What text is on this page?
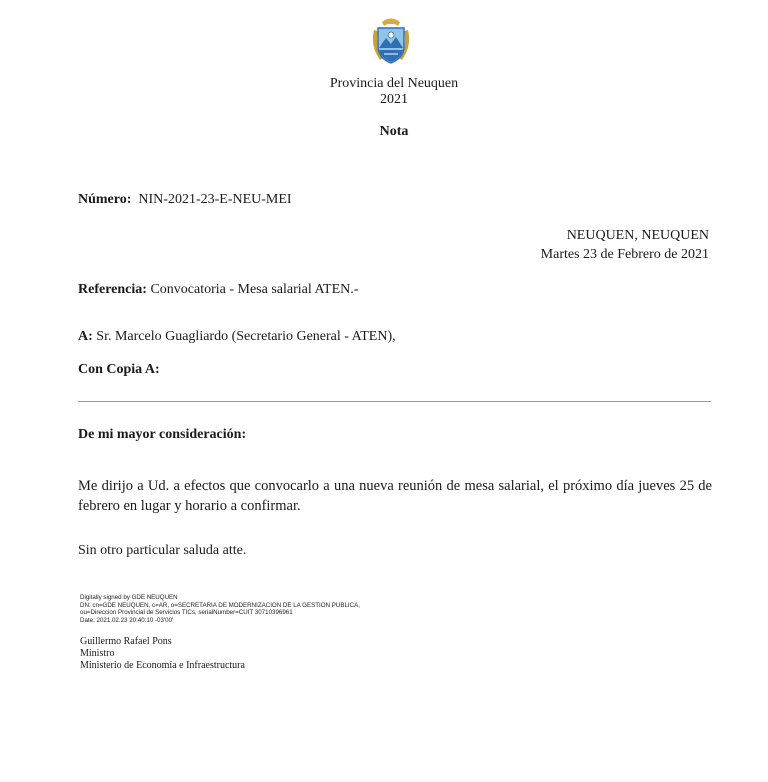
Provincia del Neuquen
2021
Nota
Número: NIN-2021-23-E-NEU-MEI
NEUQUEN, NEUQUEN
Martes 23 de Febrero de 2021
Referencia: Convocatoria - Mesa salarial ATEN.-
A: Sr. Marcelo Guagliardo (Secretario General - ATEN),
Con Copia A:
De mi mayor consideración:
Me dirijo a Ud. a efectos que convocarlo a una nueva reunión de mesa salarial, el próximo día jueves 25 de febrero en lugar y horario a confirmar.
Sin otro particular saluda atte.
Digitally signed by GDE NEUQUEN
DN: cn=GDE NEUQUEN, c=AR, o=SECRETARIA DE MODERNIZACION DE LA GESTION PUBLICA,
ou=Direccion Provincial de Servicios TICs, serialNumber=CUIT 30710396961
Date: 2021.02.23 20:40:10 -03'00'
Guillermo Rafael Pons
Ministro
Ministerio de Economía e Infraestructura
